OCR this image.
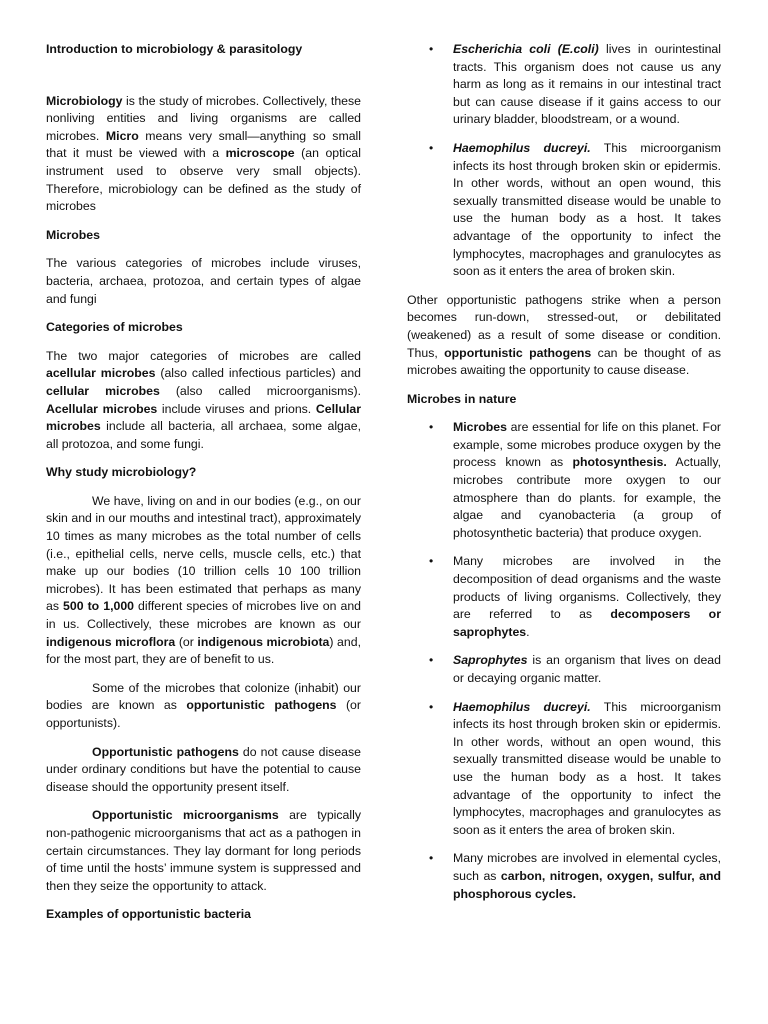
Introduction to microbiology & parasitology

Microbiology is the study of microbes. Collectively, these nonliving entities and living organisms are called microbes. Micro means very small—anything so small that it must be viewed with a microscope (an optical instrument used to observe very small objects). Therefore, microbiology can be defined as the study of microbes

Microbes

The various categories of microbes include viruses, bacteria, archaea, protozoa, and certain types of algae and fungi

Categories of microbes

The two major categories of microbes are called acellular microbes (also called infectious particles) and cellular microbes (also called microorganisms). Acellular microbes include viruses and prions. Cellular microbes include all bacteria, all archaea, some algae, all protozoa, and some fungi.

Why study microbiology?

We have, living on and in our bodies (e.g., on our skin and in our mouths and intestinal tract), approximately 10 times as many microbes as the total number of cells (i.e., epithelial cells, nerve cells, muscle cells, etc.) that make up our bodies (10 trillion cells 10 100 trillion microbes). It has been estimated that perhaps as many as 500 to 1,000 different species of microbes live on and in us. Collectively, these microbes are known as our indigenous microflora (or indigenous microbiota) and, for the most part, they are of benefit to us.

Some of the microbes that colonize (inhabit) our bodies are known as opportunistic pathogens (or opportunists).

Opportunistic pathogens do not cause disease under ordinary conditions but have the potential to cause disease should the opportunity present itself.

Opportunistic microorganisms are typically non-pathogenic microorganisms that act as a pathogen in certain circumstances. They lay dormant for long periods of time until the hosts’ immune system is suppressed and then they seize the opportunity to attack.

Examples of opportunistic bacteria
• Escherichia coli (E.coli) lives in ourintestinal tracts. This organism does not cause us any harm as long as it remains in our intestinal tract but can cause disease if it gains access to our urinary bladder, bloodstream, or a wound.

• Haemophilus ducreyi. This microorganism infects its host through broken skin or epidermis. In other words, without an open wound, this sexually transmitted disease would be unable to use the human body as a host. It takes advantage of the opportunity to infect the lymphocytes, macrophages and granulocytes as soon as it enters the area of broken skin.

Other opportunistic pathogens strike when a person becomes run-down, stressed-out, or debilitated (weakened) as a result of some disease or condition. Thus, opportunistic pathogens can be thought of as microbes awaiting the opportunity to cause disease.

Microbes in nature
• Microbes are essential for life on this planet. For example, some microbes produce oxygen by the process known as photosynthesis. Actually, microbes contribute more oxygen to our atmosphere than do plants. for example, the algae and cyanobacteria (a group of photosynthetic bacteria) that produce oxygen.

• Many microbes are involved in the decomposition of dead organisms and the waste products of living organisms. Collectively, they are referred to as decomposers or saprophytes.

• Saprophytes is an organism that lives on dead or decaying organic matter.

• Haemophilus ducreyi. This microorganism infects its host through broken skin or epidermis. In other words, without an open wound, this sexually transmitted disease would be unable to use the human body as a host. It takes advantage of the opportunity to infect the lymphocytes, macrophages and granulocytes as soon as it enters the area of broken skin.

• Many microbes are involved in elemental cycles, such as carbon, nitrogen, oxygen, sulfur, and phosphorous cycles.
